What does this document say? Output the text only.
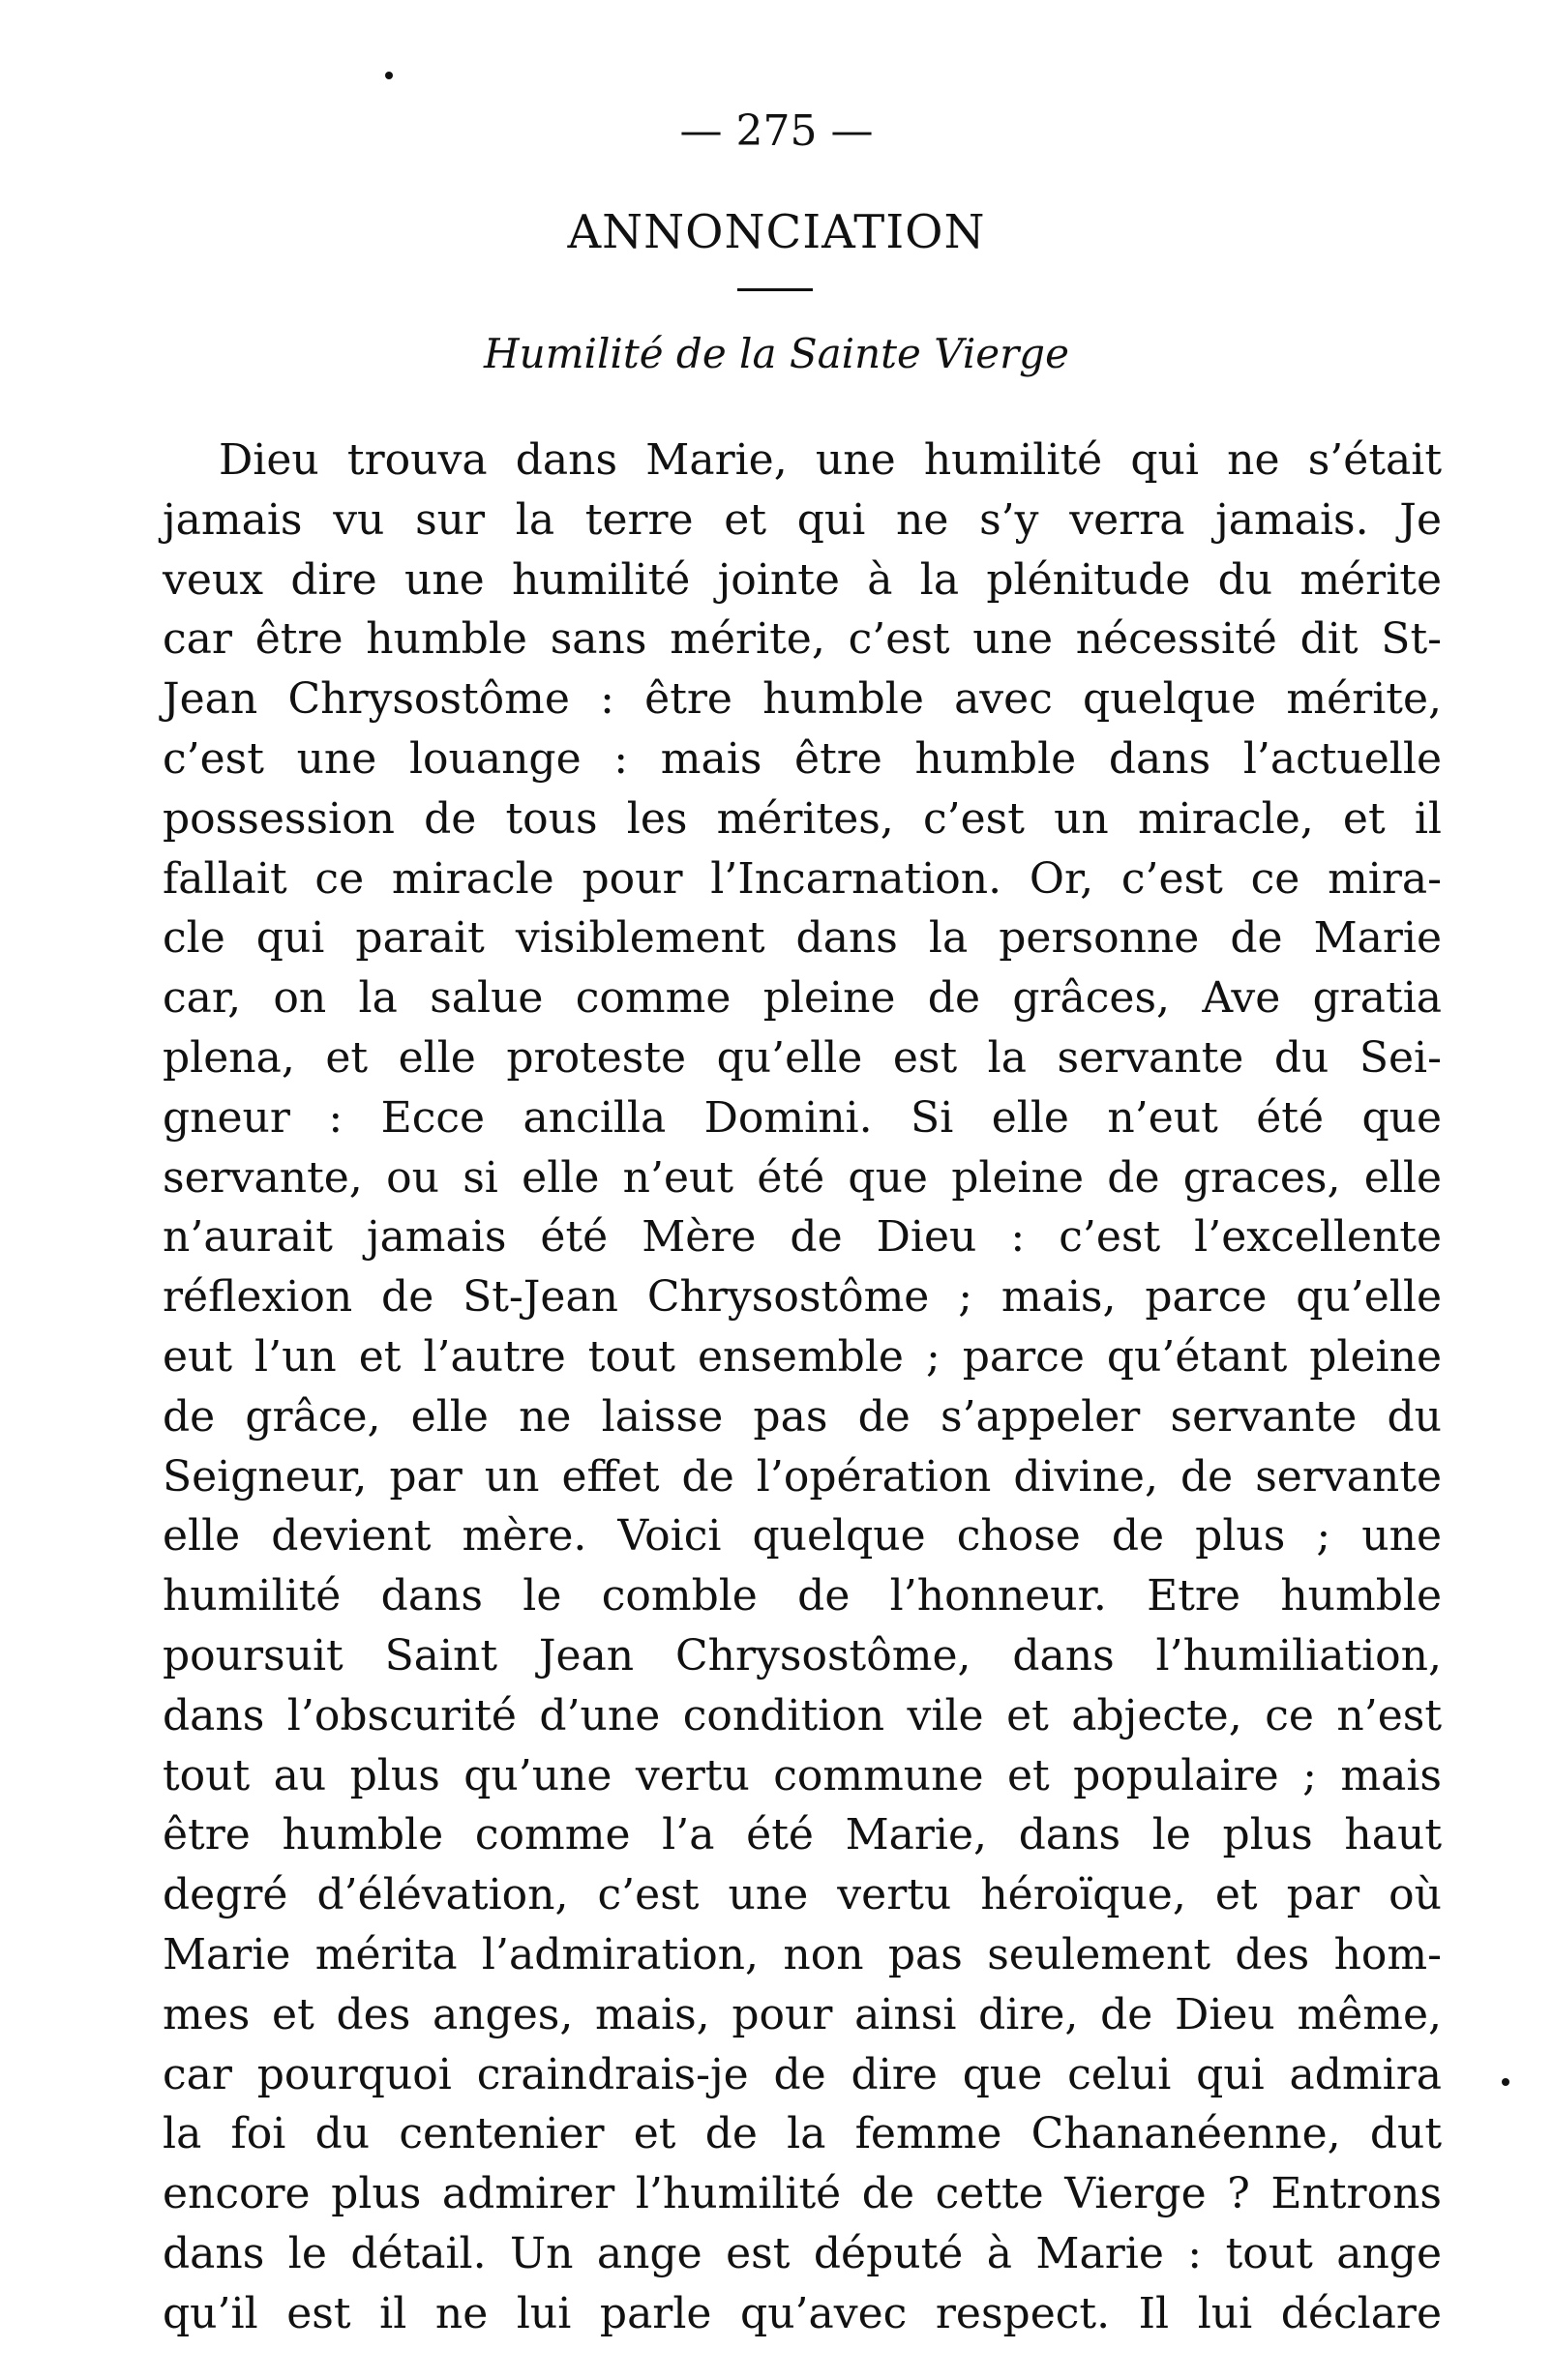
— 275 —
ANNONCIATION
Humilité de la Sainte Vierge
Dieu trouva dans Marie, une humilité qui ne s’était
jamais vu sur la terre et qui ne s’y verra jamais. Je
veux dire une humilité jointe à la plénitude du mérite
car être humble sans mérite, c’est une nécessité dit St-
Jean Chrysostôme : être humble avec quelque mérite,
c’est une louange : mais être humble dans l’actuelle
possession de tous les mérites, c’est un miracle, et il
fallait ce miracle pour l’Incarnation. Or, c’est ce mira-
cle qui parait visiblement dans la personne de Marie
car, on la salue comme pleine de grâces, Ave gratia
plena, et elle proteste qu’elle est la servante du Sei-
gneur : Ecce ancilla Domini. Si elle n’eut été que
servante, ou si elle n’eut été que pleine de graces, elle
n’aurait jamais été Mère de Dieu : c’est l’excellente
réflexion de St-Jean Chrysostôme ; mais, parce qu’elle
eut l’un et l’autre tout ensemble ; parce qu’étant pleine
de grâce, elle ne laisse pas de s’appeler servante du
Seigneur, par un effet de l’opération divine, de servante
elle devient mère. Voici quelque chose de plus ; une
humilité dans le comble de l’honneur. Etre humble
poursuit Saint Jean Chrysostôme, dans l’humiliation,
dans l’obscurité d’une condition vile et abjecte, ce n’est
tout au plus qu’une vertu commune et populaire ; mais
être humble comme l’a été Marie, dans le plus haut
degré d’élévation, c’est une vertu héroïque, et par où
Marie mérita l’admiration, non pas seulement des hom-
mes et des anges, mais, pour ainsi dire, de Dieu même,
car pourquoi craindrais-je de dire que celui qui admira
la foi du centenier et de la femme Chananéenne, dut
encore plus admirer l’humilité de cette Vierge ? Entrons
dans le détail. Un ange est député à Marie : tout ange
qu’il est il ne lui parle qu’avec respect. Il lui déclare
